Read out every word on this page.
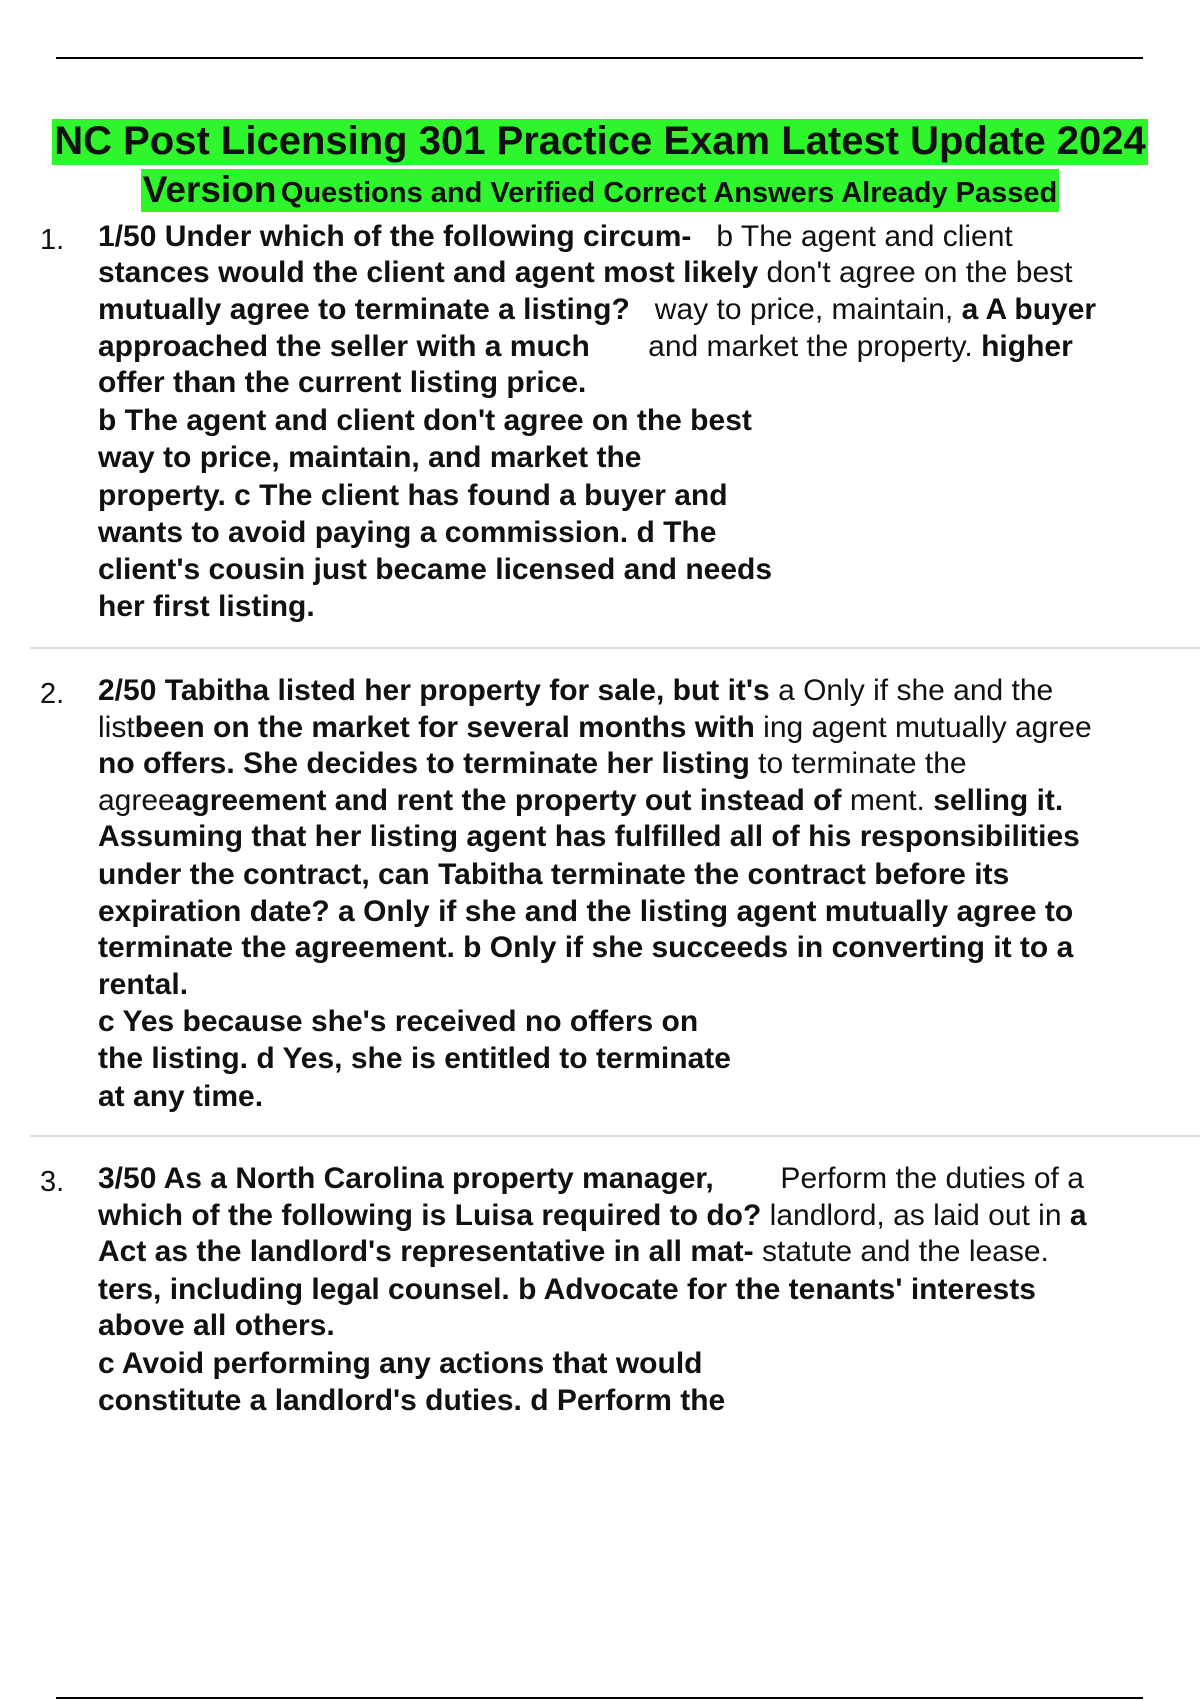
NC Post Licensing 301 Practice Exam Latest Update 2024
Version Questions and Verified Correct Answers Already Passed
1. 1/50 Under which of the following circum-   b The agent and client
stances would the client and agent most likely don't agree on the best
mutually agree to terminate a listing?   way to price, maintain, a A buyer
approached the seller with a much       and market the property. higher
offer than the current listing price.
b The agent and client don't agree on the best
way to price, maintain, and market the
property. c The client has found a buyer and
wants to avoid paying a commission. d The
client's cousin just became licensed and needs
her first listing.
2. 2/50 Tabitha listed her property for sale, but it's a Only if she and the
listbeen on the market for several months with ing agent mutually agree
no offers. She decides to terminate her listing to terminate the
agreeagreement and rent the property out instead of ment. selling it.
Assuming that her listing agent has fulfilled all of his responsibilities
under the contract, can Tabitha terminate the contract before its
expiration date? a Only if she and the listing agent mutually agree to
terminate the agreement. b Only if she succeeds in converting it to a
rental.
c Yes because she's received no offers on
the listing. d Yes, she is entitled to terminate
at any time.
3. 3/50 As a North Carolina property manager,        Perform the duties of a
which of the following is Luisa required to do? landlord, as laid out in a
Act as the landlord's representative in all mat- statute and the lease.
ters, including legal counsel. b Advocate for the tenants' interests
above all others.
c Avoid performing any actions that would
constitute a landlord's duties. d Perform the
